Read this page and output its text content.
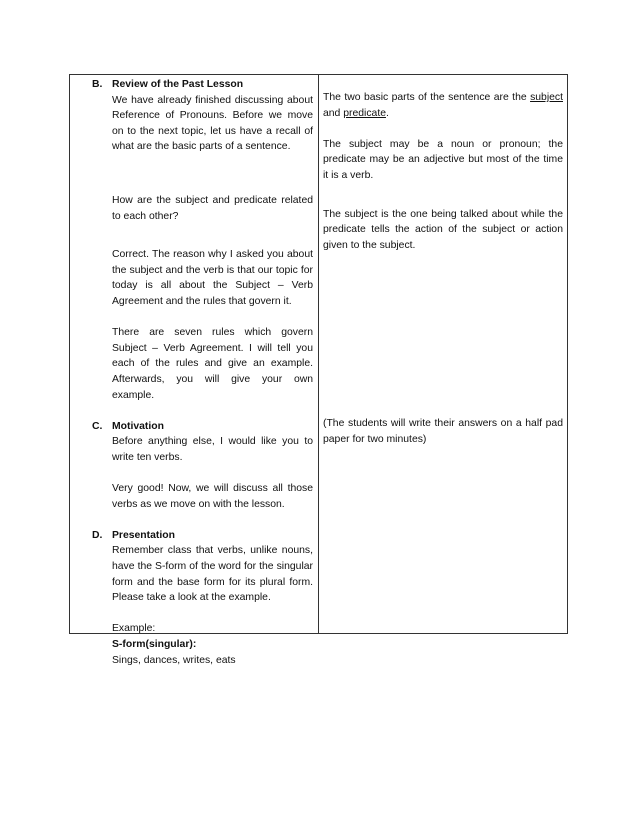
B. Review of the Past Lesson

We have already finished discussing about Reference of Pronouns. Before we move on to the next topic, let us have a recall of what are the basic parts of a sentence.

How are the subject and predicate related to each other?

Correct. The reason why I asked you about the subject and the verb is that our topic for today is all about the Subject – Verb Agreement and the rules that govern it.

There are seven rules which govern Subject – Verb Agreement. I will tell you each of the rules and give an example. Afterwards, you will give your own example.

C. Motivation

Before anything else, I would like you to write ten verbs.

Very good! Now, we will discuss all those verbs as we move on with the lesson.

D. Presentation

Remember class that verbs, unlike nouns, have the S-form of the word for the singular form and the base form for its plural form. Please take a look at the example.

Example:
S-form(singular):
Sings, dances, writes, eats

The two basic parts of the sentence are the subject and predicate.

The subject may be a noun or pronoun; the predicate may be an adjective but most of the time it is a verb.

The subject is the one being talked about while the predicate tells the action of the subject or action given to the subject.

(The students will write their answers on a half pad paper for two minutes)
